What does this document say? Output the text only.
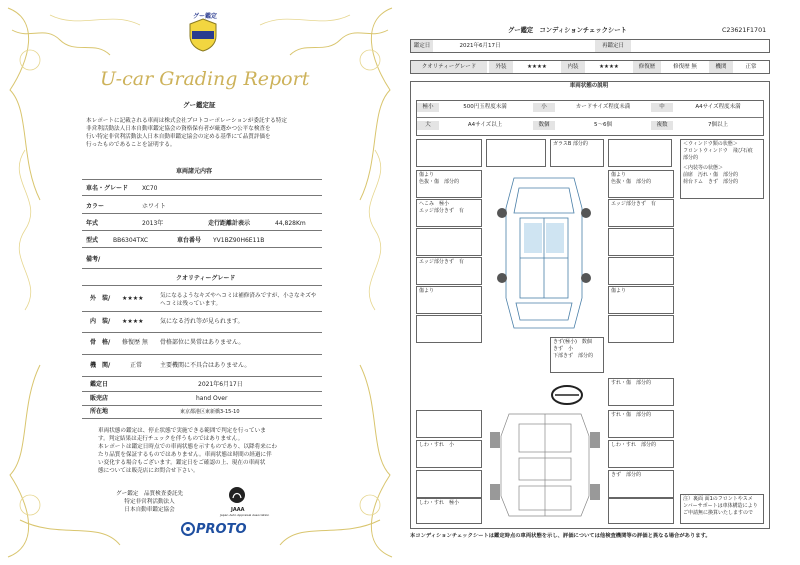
グー鑑定
U-car Grading Report
グー鑑定証
本レポートに記載される車両は株式会社プロトコーポレーションが委託する特定
非営利活動法人日本自動車鑑定協会の資格保有者が厳選かつ公平な検査を
行い特定非営利活動法人日本自動車鑑定協会の定める基準にて品質評価を
行ったものであることを証明する。
車両諸元内容
車名・グレード XC70
カラー	ホワイト
年式	2013年	走行距離計表示	44,828Km
型式 BB6304TXC	車台番号 YV1BZ90H6E11B
備考/
クオリティーグレード
外　装/ ★★★★	気になるようなキズやヘコミは補修済みですが、小さなキズや
ヘコミは残っています。
内　装/ ★★★★	気になる汚れ等が見られます。
骨　格/ 修復歴 無 骨格部位に異常はありません。
機　関/	正常	主要機関に不具合はありません。
鑑定日	2021年6月17日
販売店	hand Over
所在地	東京都港区東新橋3-15-10
車両状態の鑑定は、停止状態で実施できる範囲で判定を行っていま
す。判定結果は走行チェックを伴うものではありません。
本レポートは鑑定日時点での車両状態を示すものであり、以降将来にわ
たり品質を保証するものではありません。車両状態は時間の経過に伴
い変化する場合もございます。鑑定日をご確認の上、現在の車両状
態については販売店にお問合せ下さい。
グー鑑定　品質検査委託先
特定非営利活動法人
日本自動車鑑定協会	JAAA
Japan Auto Appraisal Association
PROTO
グー鑑定　コンディションチェックシート	C23621F1701
鑑定日	2021年6月17日	再鑑定日
クオリティーグレード	外装	★★★★	内装	★★★★	修復歴	修復歴 無	機関	正常
車両状態の説明
極小	500円玉程度未満	小	カードサイズ程度未満	中	A4サイズ程度未満
大	A4サイズ以上	数個	5～6個	複数	7個以上
傷より
色抜・傷　部分的
へこみ　極小
エッジ部分きず　有
エッジ部分きず　有
傷より
ガラスB 部分的
傷より
色抜・傷　部分的
エッジ部分きず　有
傷より
＜ウィンドウ類の状態＞
フロントウィンドウ　飛び石痕
部分的
＜内装等の状態＞
前席　汚れ・傷　部分的
荷台ドム　きず　部分的
きず(極小)　数個
きず　小
下部きず　部分的
すれ・傷　部分的
すれ・傷　部分的
しわ・すれ　小	しわ・すれ　部分的
きず　部分的
しわ・すれ　極小
注）裏面 面1のフロントやスメ
ンバーサポートは車体構造により
ご申請無に換算いたしますので
本コンディションチェックシートは鑑定時点の車両状態を示し、評価については他検査機関等の評価と異なる場合があります。
